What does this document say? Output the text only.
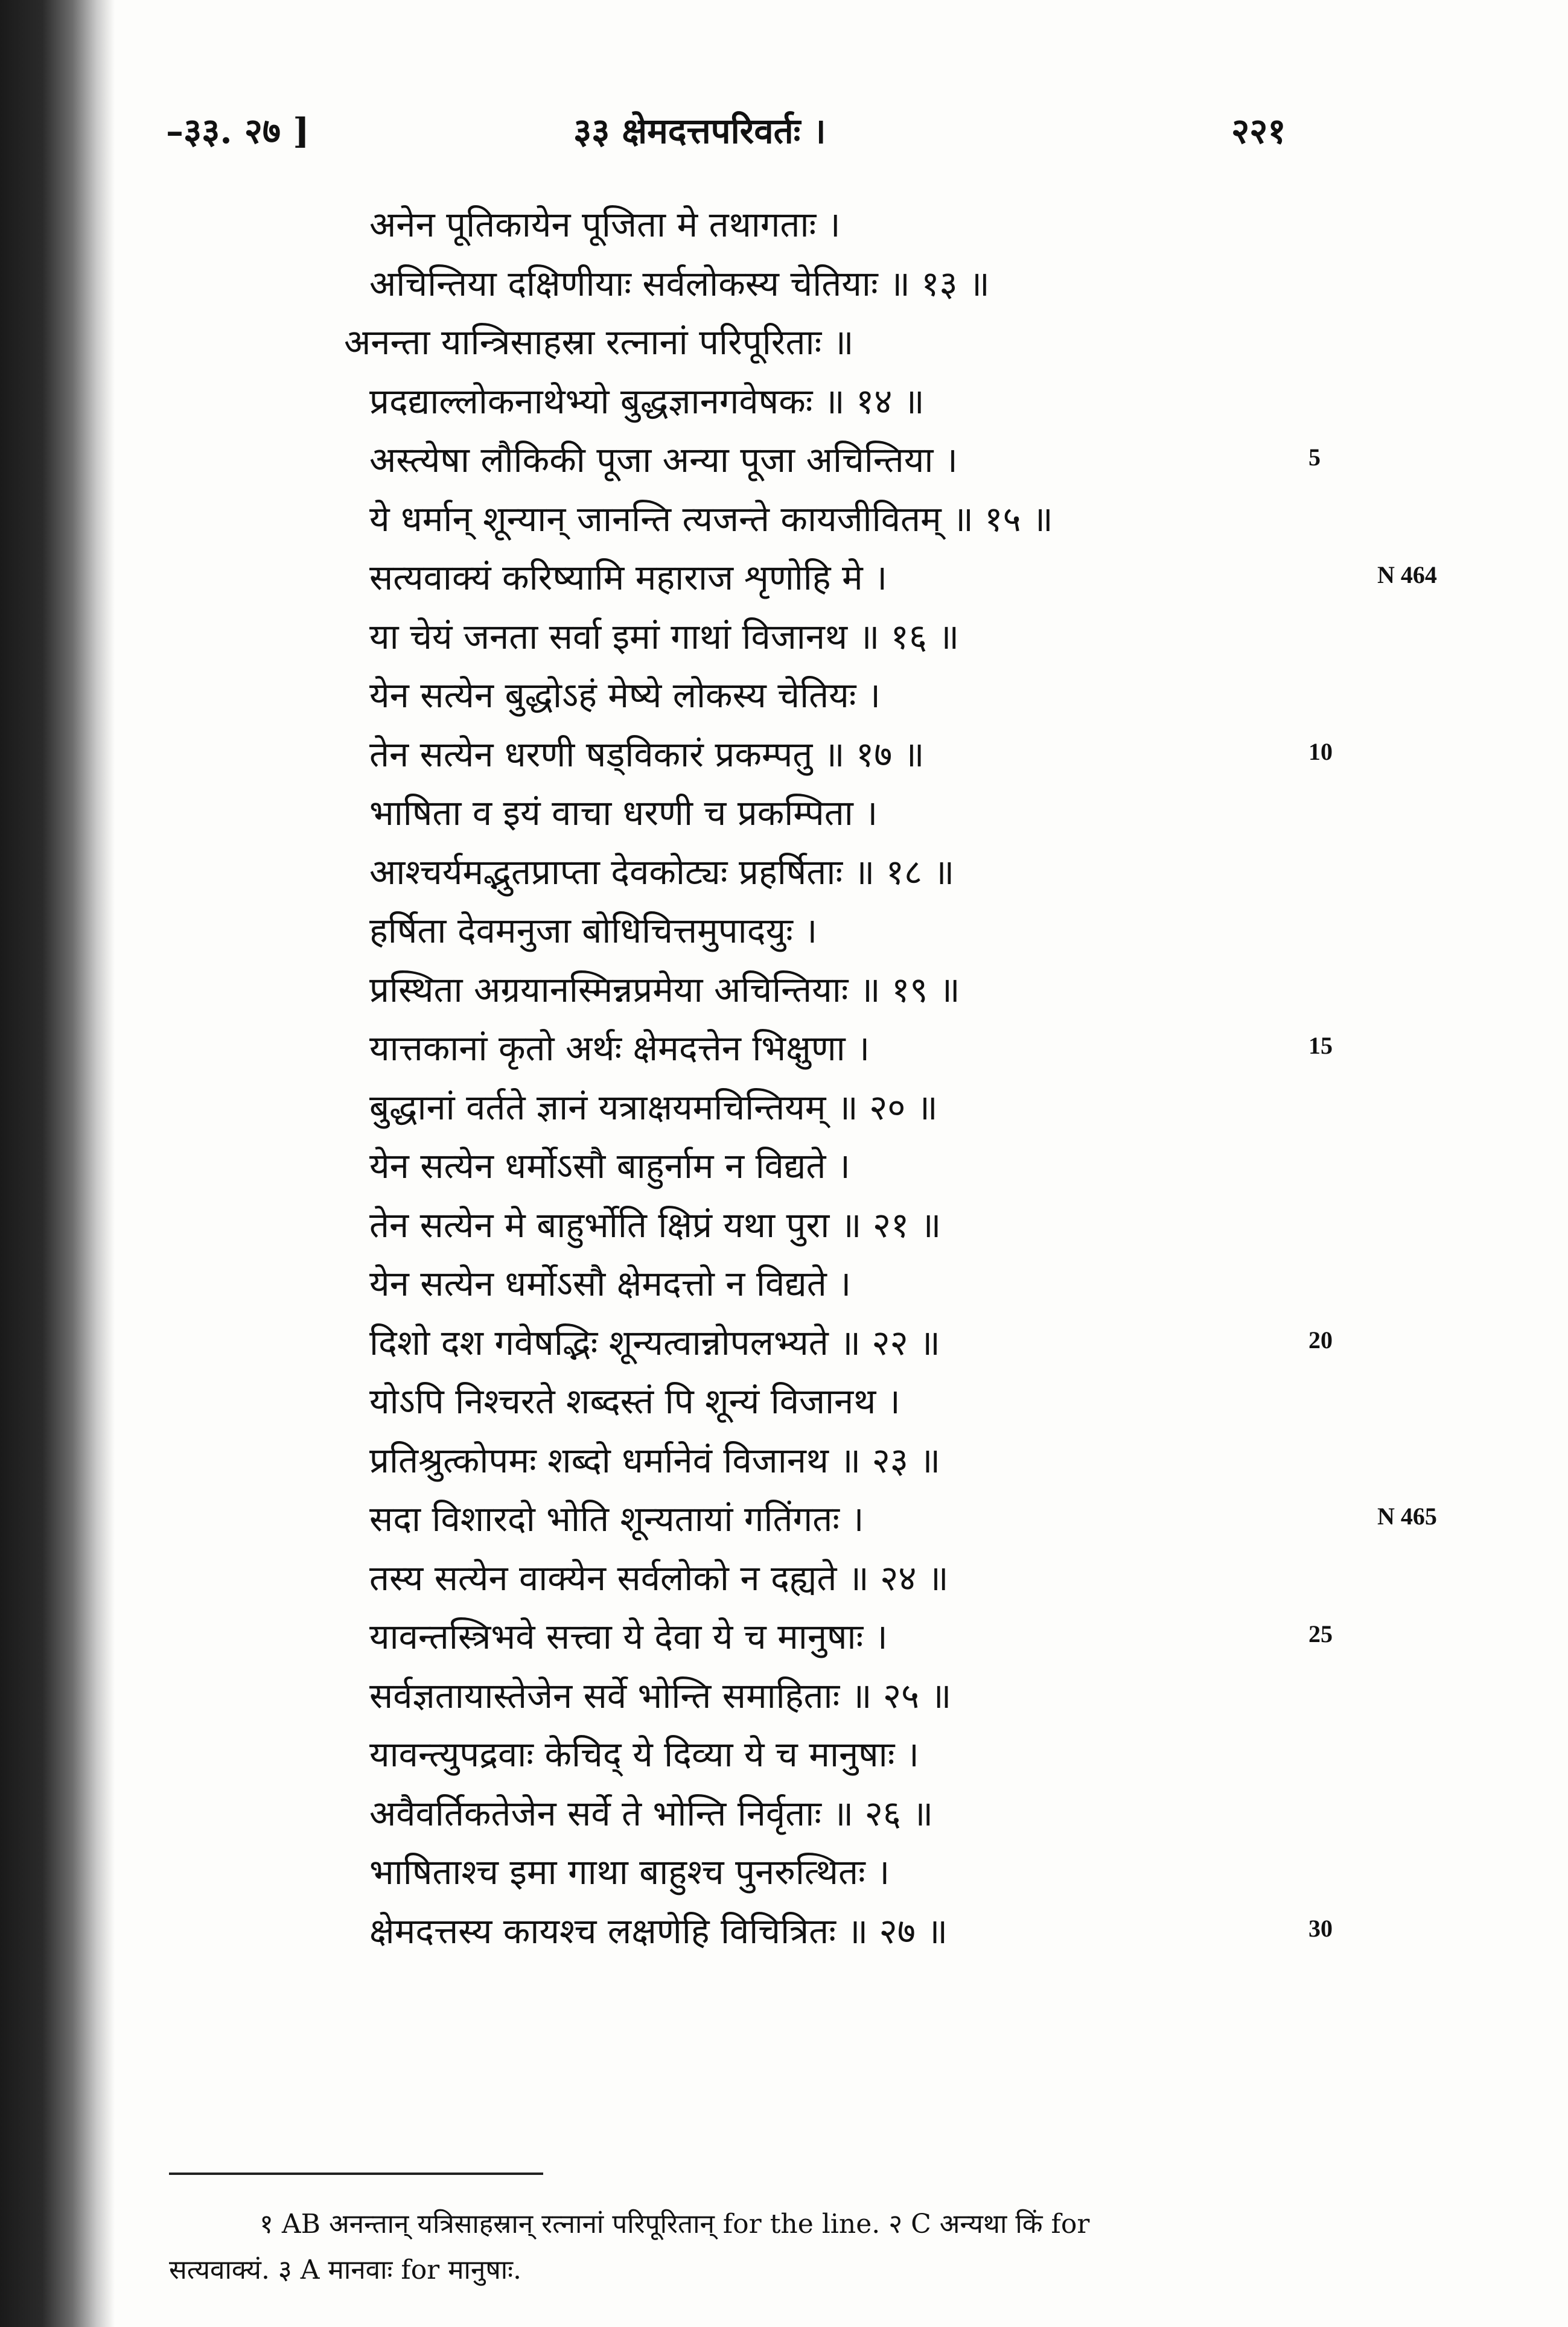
–३३. २७ ]	३३ क्षेमदत्तपरिवर्तः ।	२२१
अनेन पूतिकायेन पूजिता मे तथागताः ।
अचिन्तिया दक्षिणीयाः सर्वलोकस्य चेतियाः ॥ १३ ॥
अनन्ता यान्त्रिसाहस्रा रत्नानां परिपूरिताः ॥
प्रदद्याल्लोकनाथेभ्यो बुद्धज्ञानगवेषकः ॥ १४ ॥
अस्त्येषा लौकिकी पूजा अन्या पूजा अचिन्तिया ।	5
ये धर्मान् शून्यान् जानन्ति त्यजन्ते कायजीवितम् ॥ १५ ॥
सत्यवाक्यं करिष्यामि महाराज शृणोहि मे ।	N 464
या चेयं जनता सर्वा इमां गाथां विजानथ ॥ १६ ॥
येन सत्येन बुद्धोऽहं मेष्ये लोकस्य चेतियः ।
तेन सत्येन धरणी षड्विकारं प्रकम्पतु ॥ १७ ॥	10
भाषिता व इयं वाचा धरणी च प्रकम्पिता ।
आश्चर्यमद्भुतप्राप्ता देवकोट्यः प्रहर्षिताः ॥ १८ ॥
हर्षिता देवमनुजा बोधिचित्तमुपादयुः ।
प्रस्थिता अग्रयानस्मिन्नप्रमेया अचिन्तियाः ॥ १९ ॥
यात्तकानां कृतो अर्थः क्षेमदत्तेन भिक्षुणा ।	15
बुद्धानां वर्तते ज्ञानं यत्राक्षयमचिन्तियम् ॥ २० ॥
येन सत्येन धर्मोऽसौ बाहुर्नाम न विद्यते ।
तेन सत्येन मे बाहुर्भोति क्षिप्रं यथा पुरा ॥ २१ ॥
येन सत्येन धर्मोऽसौ क्षेमदत्तो न विद्यते ।
दिशो दश गवेषद्भिः शून्यत्वान्नोपलभ्यते ॥ २२ ॥	20
योऽपि निश्चरते शब्दस्तं पि शून्यं विजानथ ।
प्रतिश्रुत्कोपमः शब्दो धर्मानेवं विजानथ ॥ २३ ॥
सदा विशारदो भोति शून्यतायां गतिंगतः ।	N 465
तस्य सत्येन वाक्येन सर्वलोको न दह्यते ॥ २४ ॥
यावन्तस्त्रिभवे सत्त्वा ये देवा ये च मानुषाः ।	25
सर्वज्ञतायास्तेजेन सर्वे भोन्ति समाहिताः ॥ २५ ॥
यावन्त्युपद्रवाः केचिद् ये दिव्या ये च मानुषाः ।
अवैवर्तिकतेजेन सर्वे ते भोन्ति निर्वृताः ॥ २६ ॥
भाषिताश्च इमा गाथा बाहुश्च पुनरुत्थितः ।
क्षेमदत्तस्य कायश्च लक्षणेहि विचित्रितः ॥ २७ ॥	30
१ AB अनन्तान् यत्रिसाहस्रान् रत्नानां परिपूरितान् for the line. २ C अन्यथा किं for
सत्यवाक्यं. ३ A मानवाः for मानुषाः.
